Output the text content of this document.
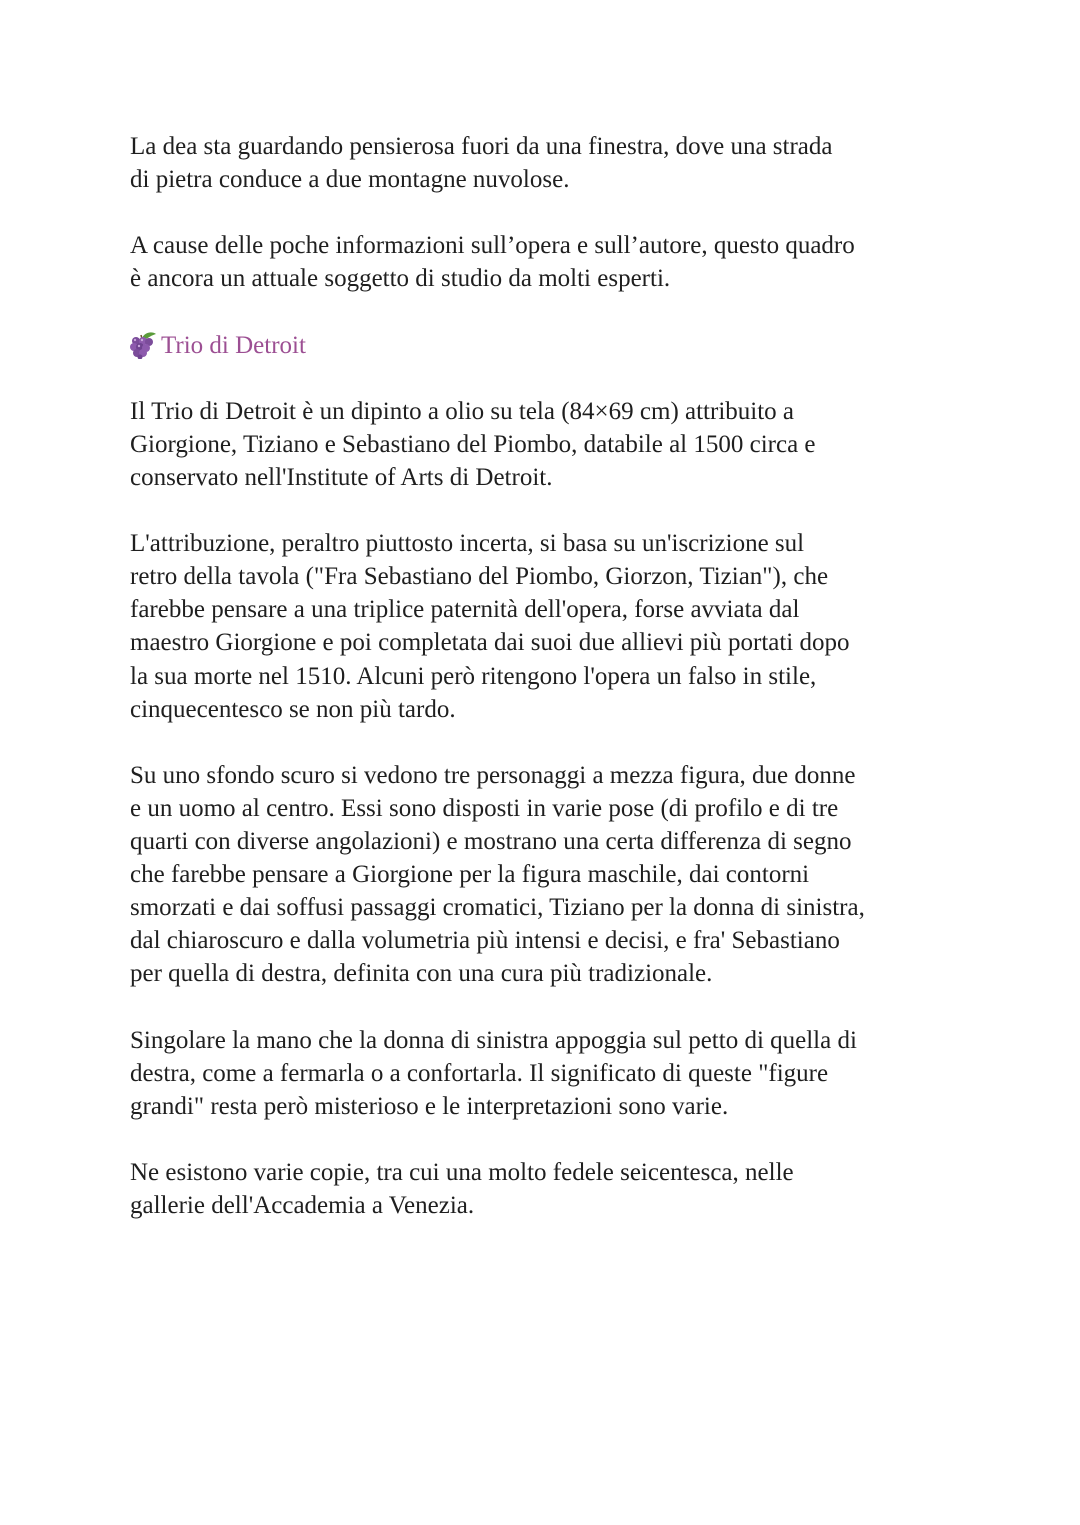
La dea sta guardando pensierosa fuori da una finestra, dove una strada
di pietra conduce a due montagne nuvolose.
A cause delle poche informazioni sull’opera e sull’autore, questo quadro
è ancora un attuale soggetto di studio da molti esperti.
Trio di Detroit
Il Trio di Detroit è un dipinto a olio su tela (84×69 cm) attribuito a
Giorgione, Tiziano e Sebastiano del Piombo, databile al 1500 circa e
conservato nell'Institute of Arts di Detroit.
L'attribuzione, peraltro piuttosto incerta, si basa su un'iscrizione sul
retro della tavola ("Fra Sebastiano del Piombo, Giorzon, Tizian"), che
farebbe pensare a una triplice paternità dell'opera, forse avviata dal
maestro Giorgione e poi completata dai suoi due allievi più portati dopo
la sua morte nel 1510. Alcuni però ritengono l'opera un falso in stile,
cinquecentesco se non più tardo.
Su uno sfondo scuro si vedono tre personaggi a mezza figura, due donne
e un uomo al centro. Essi sono disposti in varie pose (di profilo e di tre
quarti con diverse angolazioni) e mostrano una certa differenza di segno
che farebbe pensare a Giorgione per la figura maschile, dai contorni
smorzati e dai soffusi passaggi cromatici, Tiziano per la donna di sinistra,
dal chiaroscuro e dalla volumetria più intensi e decisi, e fra' Sebastiano
per quella di destra, definita con una cura più tradizionale.
Singolare la mano che la donna di sinistra appoggia sul petto di quella di
destra, come a fermarla o a confortarla. Il significato di queste "figure
grandi" resta però misterioso e le interpretazioni sono varie.
Ne esistono varie copie, tra cui una molto fedele seicentesca, nelle
gallerie dell'Accademia a Venezia.
